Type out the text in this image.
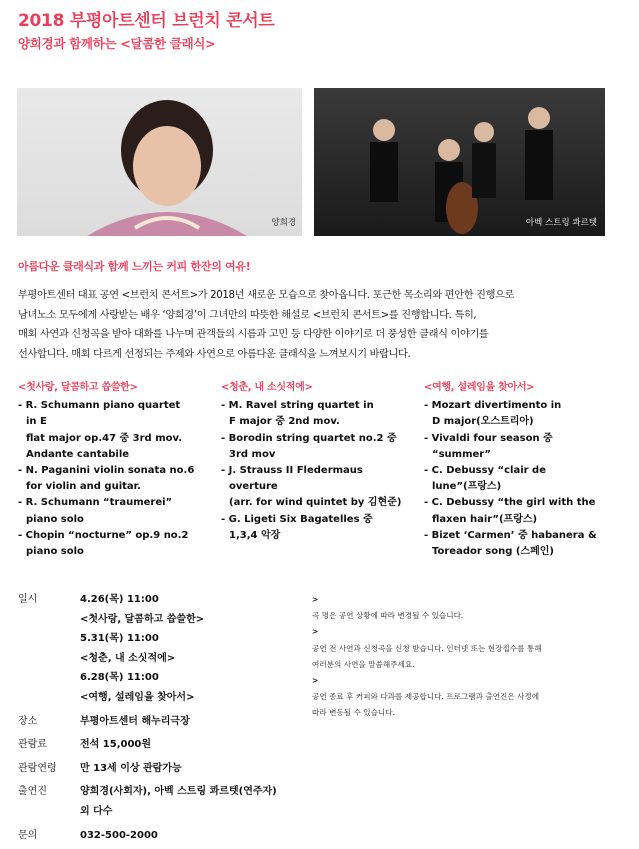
2018 부평아트센터 브런치 콘서트
양희경과 함께하는 <달콤한 클래식>
양희경	아벡 스트링 콰르텟
아름다운 클래식과 함께 느끼는 커피 한잔의 여유!

부평아트센터 대표 공연 <브런치 콘서트>가 2018년 새로운 모습으로 찾아옵니다. 포근한 목소리와 편안한 진행으로

남녀노소 모두에게 사랑받는 배우 ‘양희경’이 그녀만의 따뜻한 해설로 <브런치 콘서트>를 진행합니다. 특히,

매회 사연과 신청곡을 받아 대화를 나누며 관객들의 시름과 고민 등 다양한 이야기로 더 풍성한 클래식 이야기를

선사합니다. 매회 다르게 선정되는 주제와 사연으로 아름다운 클래식을 느껴보시기 바랍니다.

<첫사랑, 달콤하고 씁쓸한>
- R. Schumann piano quartet
in E
flat major op.47 중 3rd mov.
Andante cantabile
- N. Paganini violin sonata no.6
for violin and guitar.
- R. Schumann “traumerei”
piano solo
- Chopin “nocturne” op.9 no.2
piano solo
<청춘, 내 소싯적에>
- M. Ravel string quartet in
F major 중 2nd mov.
- Borodin string quartet no.2 중
3rd mov
- J. Strauss II Fledermaus
overture
(arr. for wind quintet by 김현준)
- G. Ligeti Six Bagatelles 중
1,3,4 악장
<여행, 설레임을 찾아서>
- Mozart divertimento in
D major(오스트리아)
- Vivaldi four season 중
“summer”
- C. Debussy “clair de
lune”(프랑스)
- C. Debussy “the girl with the
flaxen hair”(프랑스)
- Bizet ‘Carmen’ 중 habanera &
Toreador song (스페인)
일시	4.26(목) 11:00
<첫사랑, 달콤하고 씁쓸한>
5.31(목) 11:00
<청춘, 내 소싯적에>
6.28(목) 11:00
<여행, 설레임을 찾아서>
장소	부평아트센터 해누리극장
관람료	전석 15,000원
관람연령	만 13세 이상 관람가능
출연진	양희경(사회자), 아벡 스트링 콰르텟(연주자)
외 다수
문의	032-500-2000
>
곡 명은 공연 상황에 따라 변경될 수 있습니다.
>
공연 전 사연과 신청곡을 신청 받습니다. 인터넷 또는 현장접수를 통해
여러분의 사연을 말씀해주세요.
>
공연 종료 후 커피와 다과를 제공합니다. 프로그램과 출연진은 사정에
따라 변동될 수 있습니다.
